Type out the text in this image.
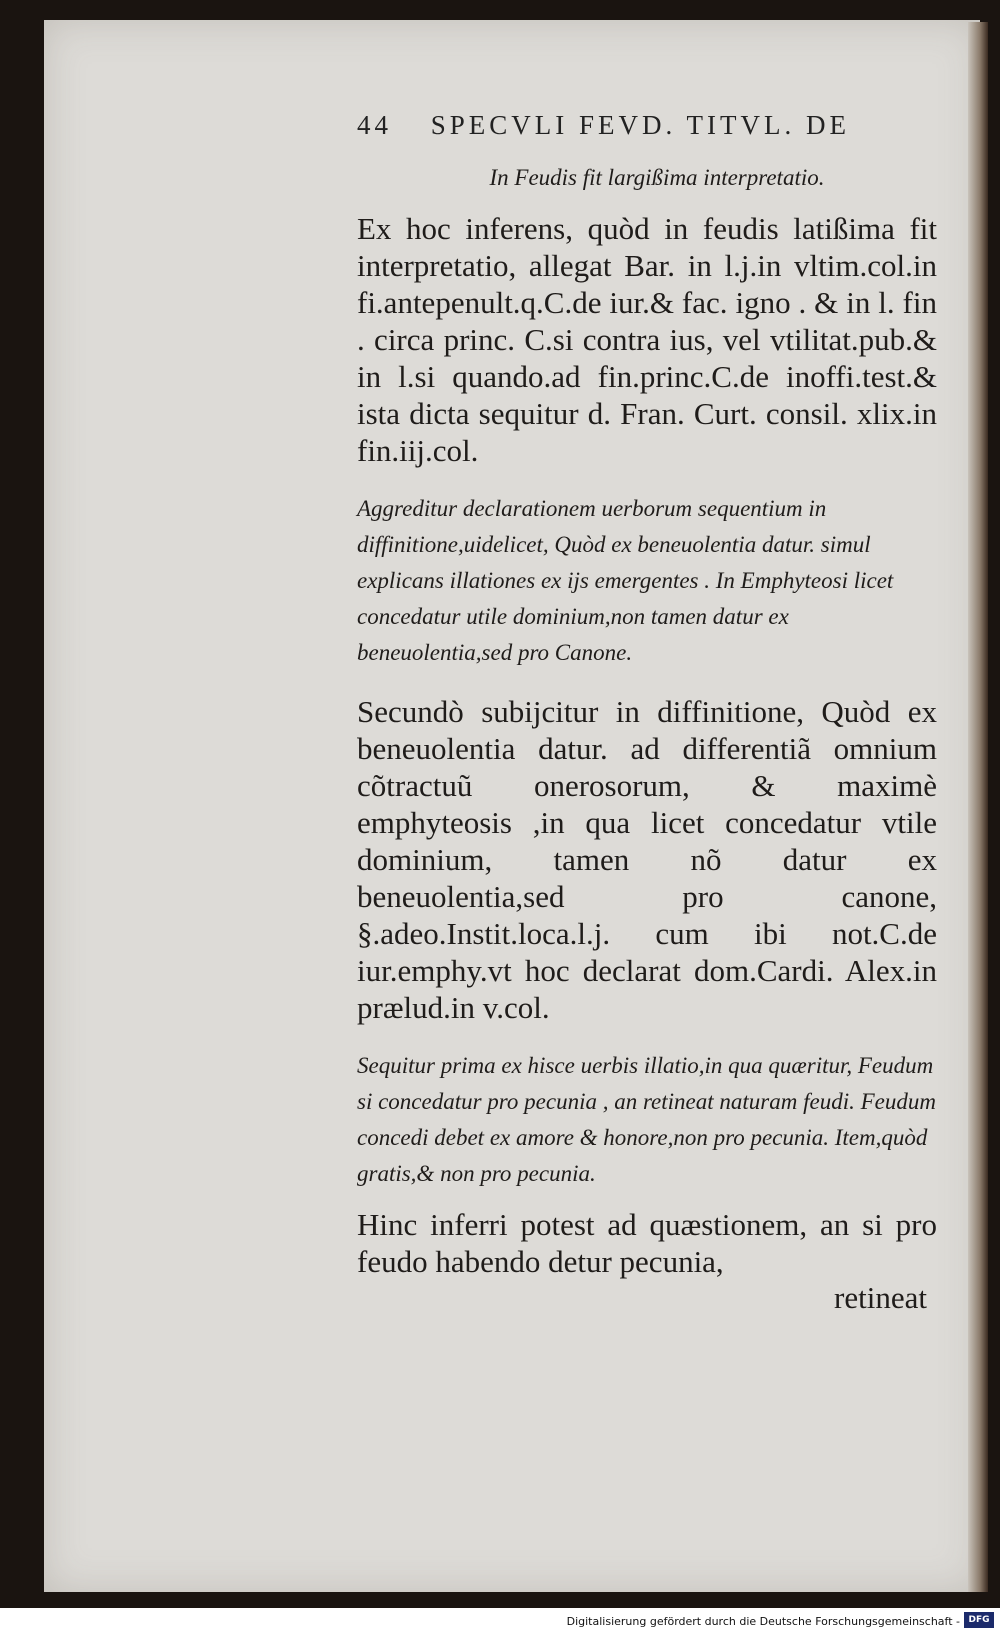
44 SPECVLI FEVD. TITVL. DE

In Feudis fit largißima interpretatio.

Ex hoc inferens, quòd in feudis latißima fit interpretatio, allegat Bar. in l.j.in vltim.col.in fi.antepenult.q.C.de iur.& fac. igno . & in l. fin . circa princ. C.si contra ius, vel vtilitat.pub.& in l.si quando.ad fin.princ.C.de inoffi.test.& ista dicta sequitur d. Fran. Curt. consil. xlix.in fin.iij.col.

Aggreditur declarationem uerborum sequentium in diffinitione,uidelicet, Quòd ex beneuolentia datur. simul explicans illationes ex ijs emergentes . In Emphyteosi licet concedatur utile dominium,non tamen datur ex beneuolentia,sed pro Canone.

Secundò subijcitur in diffinitione, Quòd ex beneuolentia datur. ad differentiã omnium cõtractuũ onerosorum, & maximè emphyteosis ,in qua licet concedatur vtile dominium, tamen nõ datur ex beneuolentia,sed pro canone, §.adeo.Instit.loca.l.j. cum ibi not.C.de iur.emphy.vt hoc declarat dom.Cardi. Alex.in prælud.in v.col.

Sequitur prima ex hisce uerbis illatio,in qua quæritur, Feudum si concedatur pro pecunia , an retineat naturam feudi. Feudum concedi debet ex amore & honore,non pro pecunia. Item,quòd gratis,& non pro pecunia.

Hinc inferri potest ad quæstionem, an si pro feudo habendo detur pecunia,

retineat

Digitalisierung gefördert durch die Deutsche Forschungsgemeinschaft - DFG
